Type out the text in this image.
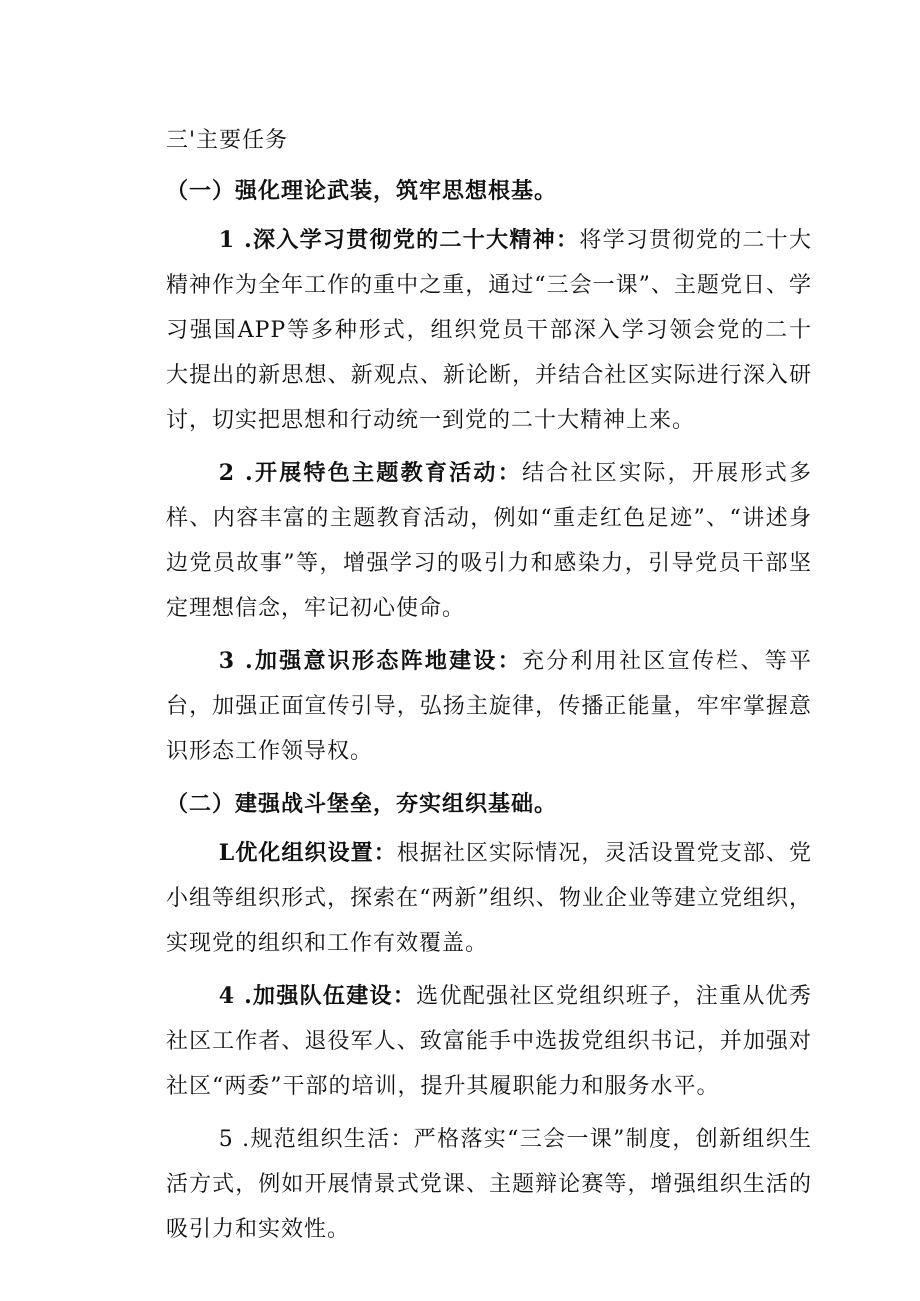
三'主要任务
（一）强化理论武装，筑牢思想根基。
1 .深入学习贯彻党的二十大精神：将学习贯彻党的二十大精神作为全年工作的重中之重，通过“三会一课”、主题党日、学习强国APP等多种形式，组织党员干部深入学习领会党的二十大提出的新思想、新观点、新论断，并结合社区实际进行深入研讨，切实把思想和行动统一到党的二十大精神上来。
2 .开展特色主题教育活动：结合社区实际，开展形式多样、内容丰富的主题教育活动，例如“重走红色足迹”、“讲述身边党员故事”等，增强学习的吸引力和感染力，引导党员干部坚定理想信念，牢记初心使命。
3 .加强意识形态阵地建设：充分利用社区宣传栏、等平台，加强正面宣传引导，弘扬主旋律，传播正能量，牢牢掌握意识形态工作领导权。
（二）建强战斗堡垒，夯实组织基础。
L优化组织设置：根据社区实际情况，灵活设置党支部、党小组等组织形式，探索在“两新”组织、物业企业等建立党组织，实现党的组织和工作有效覆盖。
4 .加强队伍建设：选优配强社区党组织班子，注重从优秀社区工作者、退役军人、致富能手中选拔党组织书记，并加强对社区“两委”干部的培训，提升其履职能力和服务水平。
5 .规范组织生活：严格落实“三会一课”制度，创新组织生活方式，例如开展情景式党课、主题辩论赛等，增强组织生活的吸引力和实效性。
